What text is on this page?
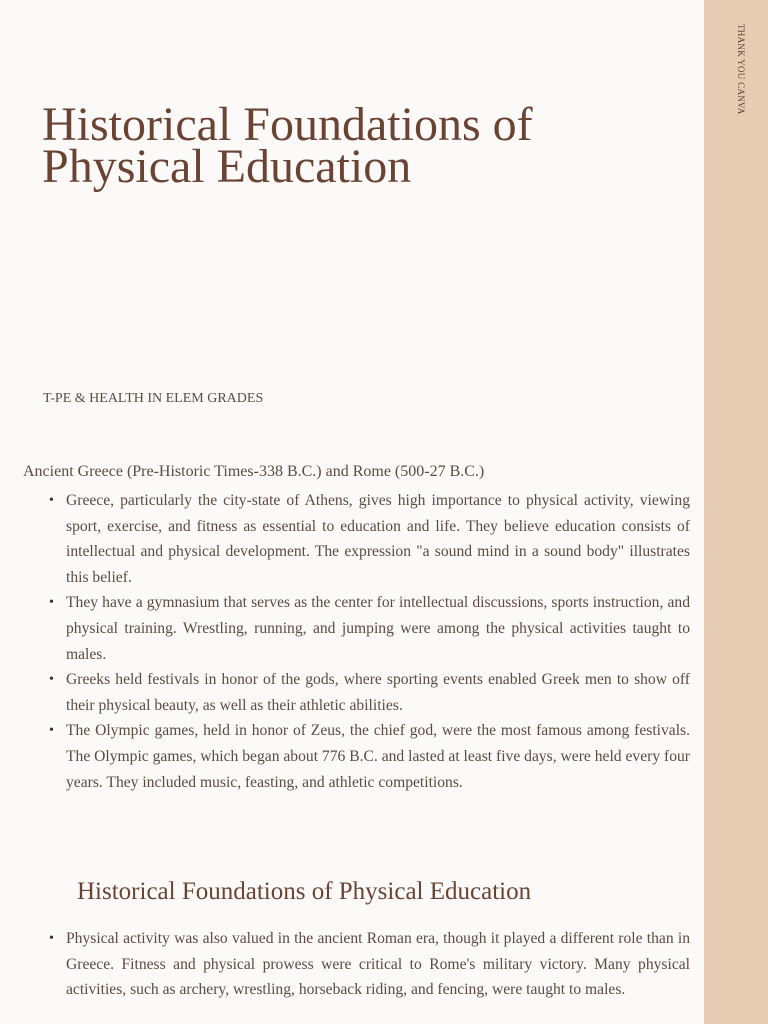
Historical Foundations of Physical Education
T-PE & HEALTH IN ELEM GRADES
Ancient Greece (Pre-Historic Times-338 B.C.) and Rome (500-27 B.C.)
• Greece, particularly the city-state of Athens, gives high importance to physical activity, viewing sport, exercise, and fitness as essential to education and life. They believe education consists of intellectual and physical development. The expression "a sound mind in a sound body" illustrates this belief.
• They have a gymnasium that serves as the center for intellectual discussions, sports instruction, and physical training. Wrestling, running, and jumping were among the physical activities taught to males.
• Greeks held festivals in honor of the gods, where sporting events enabled Greek men to show off their physical beauty, as well as their athletic abilities.
• The Olympic games, held in honor of Zeus, the chief god, were the most famous among festivals. The Olympic games, which began about 776 B.C. and lasted at least five days, were held every four years. They included music, feasting, and athletic competitions.
Historical Foundations of Physical Education
• Physical activity was also valued in the ancient Roman era, though it played a different role than in Greece. Fitness and physical prowess were critical to Rome's military victory. Many physical activities, such as archery, wrestling, horseback riding, and fencing, were taught to males.
THANK YOU CANVA
